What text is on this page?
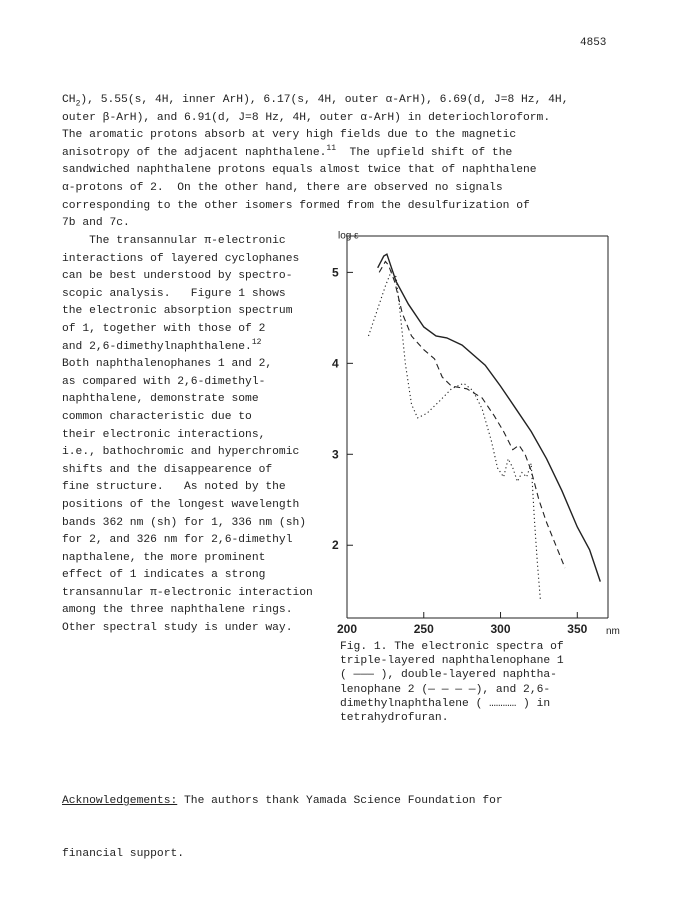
4853
$CH_2$), 5.55(s, 4H, inner ArH), 6.17(s, 4H, outer α-ArH), 6.69(d, J=8 Hz, 4H,
outer β-ArH), and 6.91(d, J=8 Hz, 4H, outer α-ArH) in deteriochloroform.
The aromatic protons absorb at very high fields due to the magnetic
anisotropy of the adjacent naphthalene.$^{11}$  The upfield shift of the
sandwiched naphthalene protons equals almost twice that of naphthalene
α-protons of 2.  On the other hand, there are observed no signals
corresponding to the other isomers formed from the desulfurization of
7b and 7c.
The transannular π-electronic
interactions of layered cyclophanes
can be best understood by spectro-
scopic analysis.   Figure 1 shows
the electronic absorption spectrum
of 1, together with those of 2
and 2,6-dimethylnaphthalene.$^{12}$
Both naphthalenophanes 1 and 2,
as compared with 2,6-dimethyl-
naphthalene, demonstrate some
common characteristic due to
their electronic interactions,
i.e., bathochromic and hyperchromic
shifts and the disappearence of
fine structure.   As noted by the
positions of the longest wavelength
bands 362 nm (sh) for 1, 336 nm (sh)
for 2, and 326 nm for 2,6-dimethyl
napthalene, the more prominent
effect of 1 indicates a strong
transannular π-electronic interaction
among the three naphthalene rings.
Other spectral study is under way.
log ε
5
4
3
2
200	250	300	350 nm
Fig. 1. The electronic spectra of
triple-layered naphthalenophane 1
( ——— ), double-layered naphtha-
lenophane 2 (— — — —), and 2,6-
dimethylnaphthalene ( ………… ) in
tetrahydrofuran.

Acknowledgements: The authors thank Yamada Science Foundation for

financial support.
